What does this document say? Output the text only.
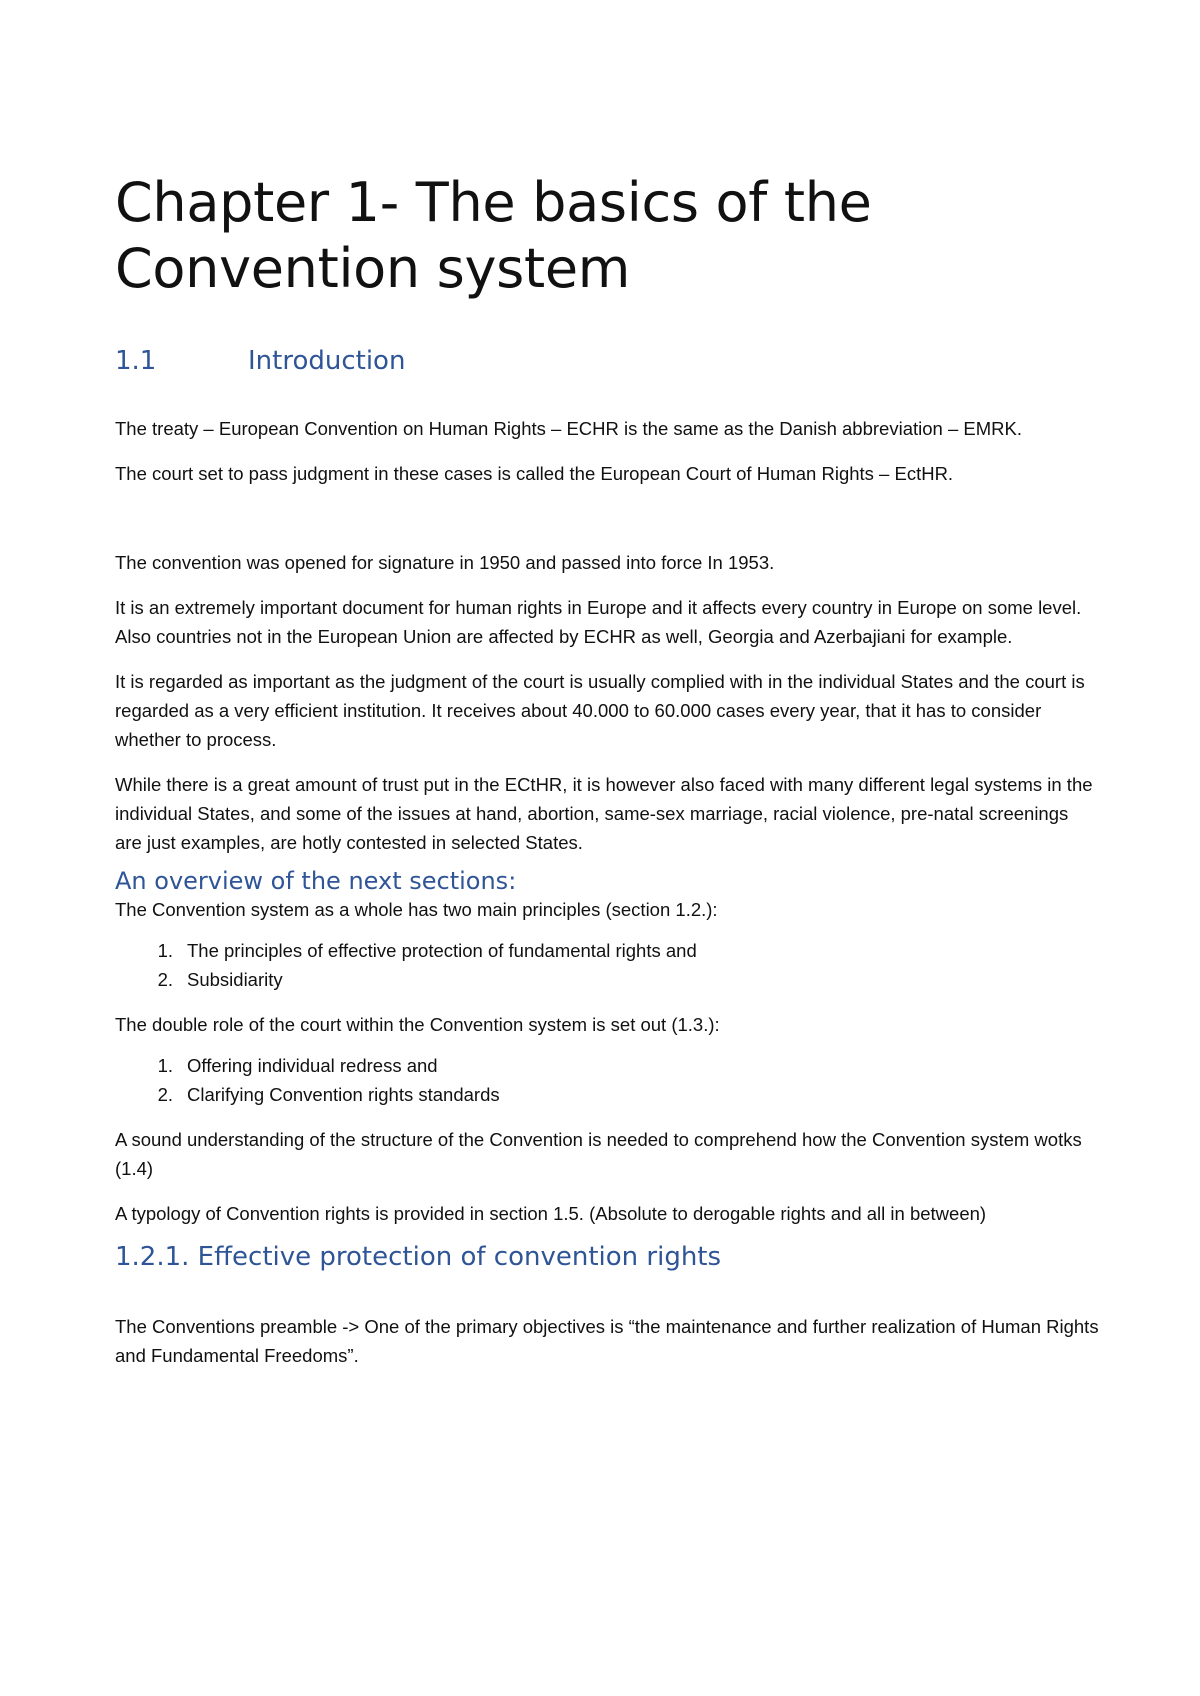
Chapter 1- The basics of the
Convention system
1.1	Introduction

The treaty – European Convention on Human Rights – ECHR is the same as the Danish abbreviation – EMRK.

The court set to pass judgment in these cases is called the European Court of Human Rights – EctHR.

The convention was opened for signature in 1950 and passed into force In 1953.

It is an extremely important document for human rights in Europe and it affects every country in Europe on some level. Also countries not in the European Union are affected by ECHR as well, Georgia and Azerbajiani for example.

It is regarded as important as the judgment of the court is usually complied with in the individual States and the court is regarded as a very efficient institution. It receives about 40.000 to 60.000 cases every year, that it has to consider whether to process.

While there is a great amount of trust put in the ECtHR, it is however also faced with many different legal systems in the individual States, and some of the issues at hand, abortion, same-sex marriage, racial violence, pre-natal screenings are just examples, are hotly contested in selected States.

An overview of the next sections:

The Convention system as a whole has two main principles (section 1.2.):

1. The principles of effective protection of fundamental rights and
2. Subsidiarity

The double role of the court within the Convention system is set out (1.3.):

1. Offering individual redress and
2. Clarifying Convention rights standards

A sound understanding of the structure of the Convention is needed to comprehend how the Convention system wotks (1.4)

A typology of Convention rights is provided in section 1.5. (Absolute to derogable rights and all in between)

1.2.1. Effective protection of convention rights

The Conventions preamble -> One of the primary objectives is “the maintenance and further realization of Human Rights and Fundamental Freedoms”.
